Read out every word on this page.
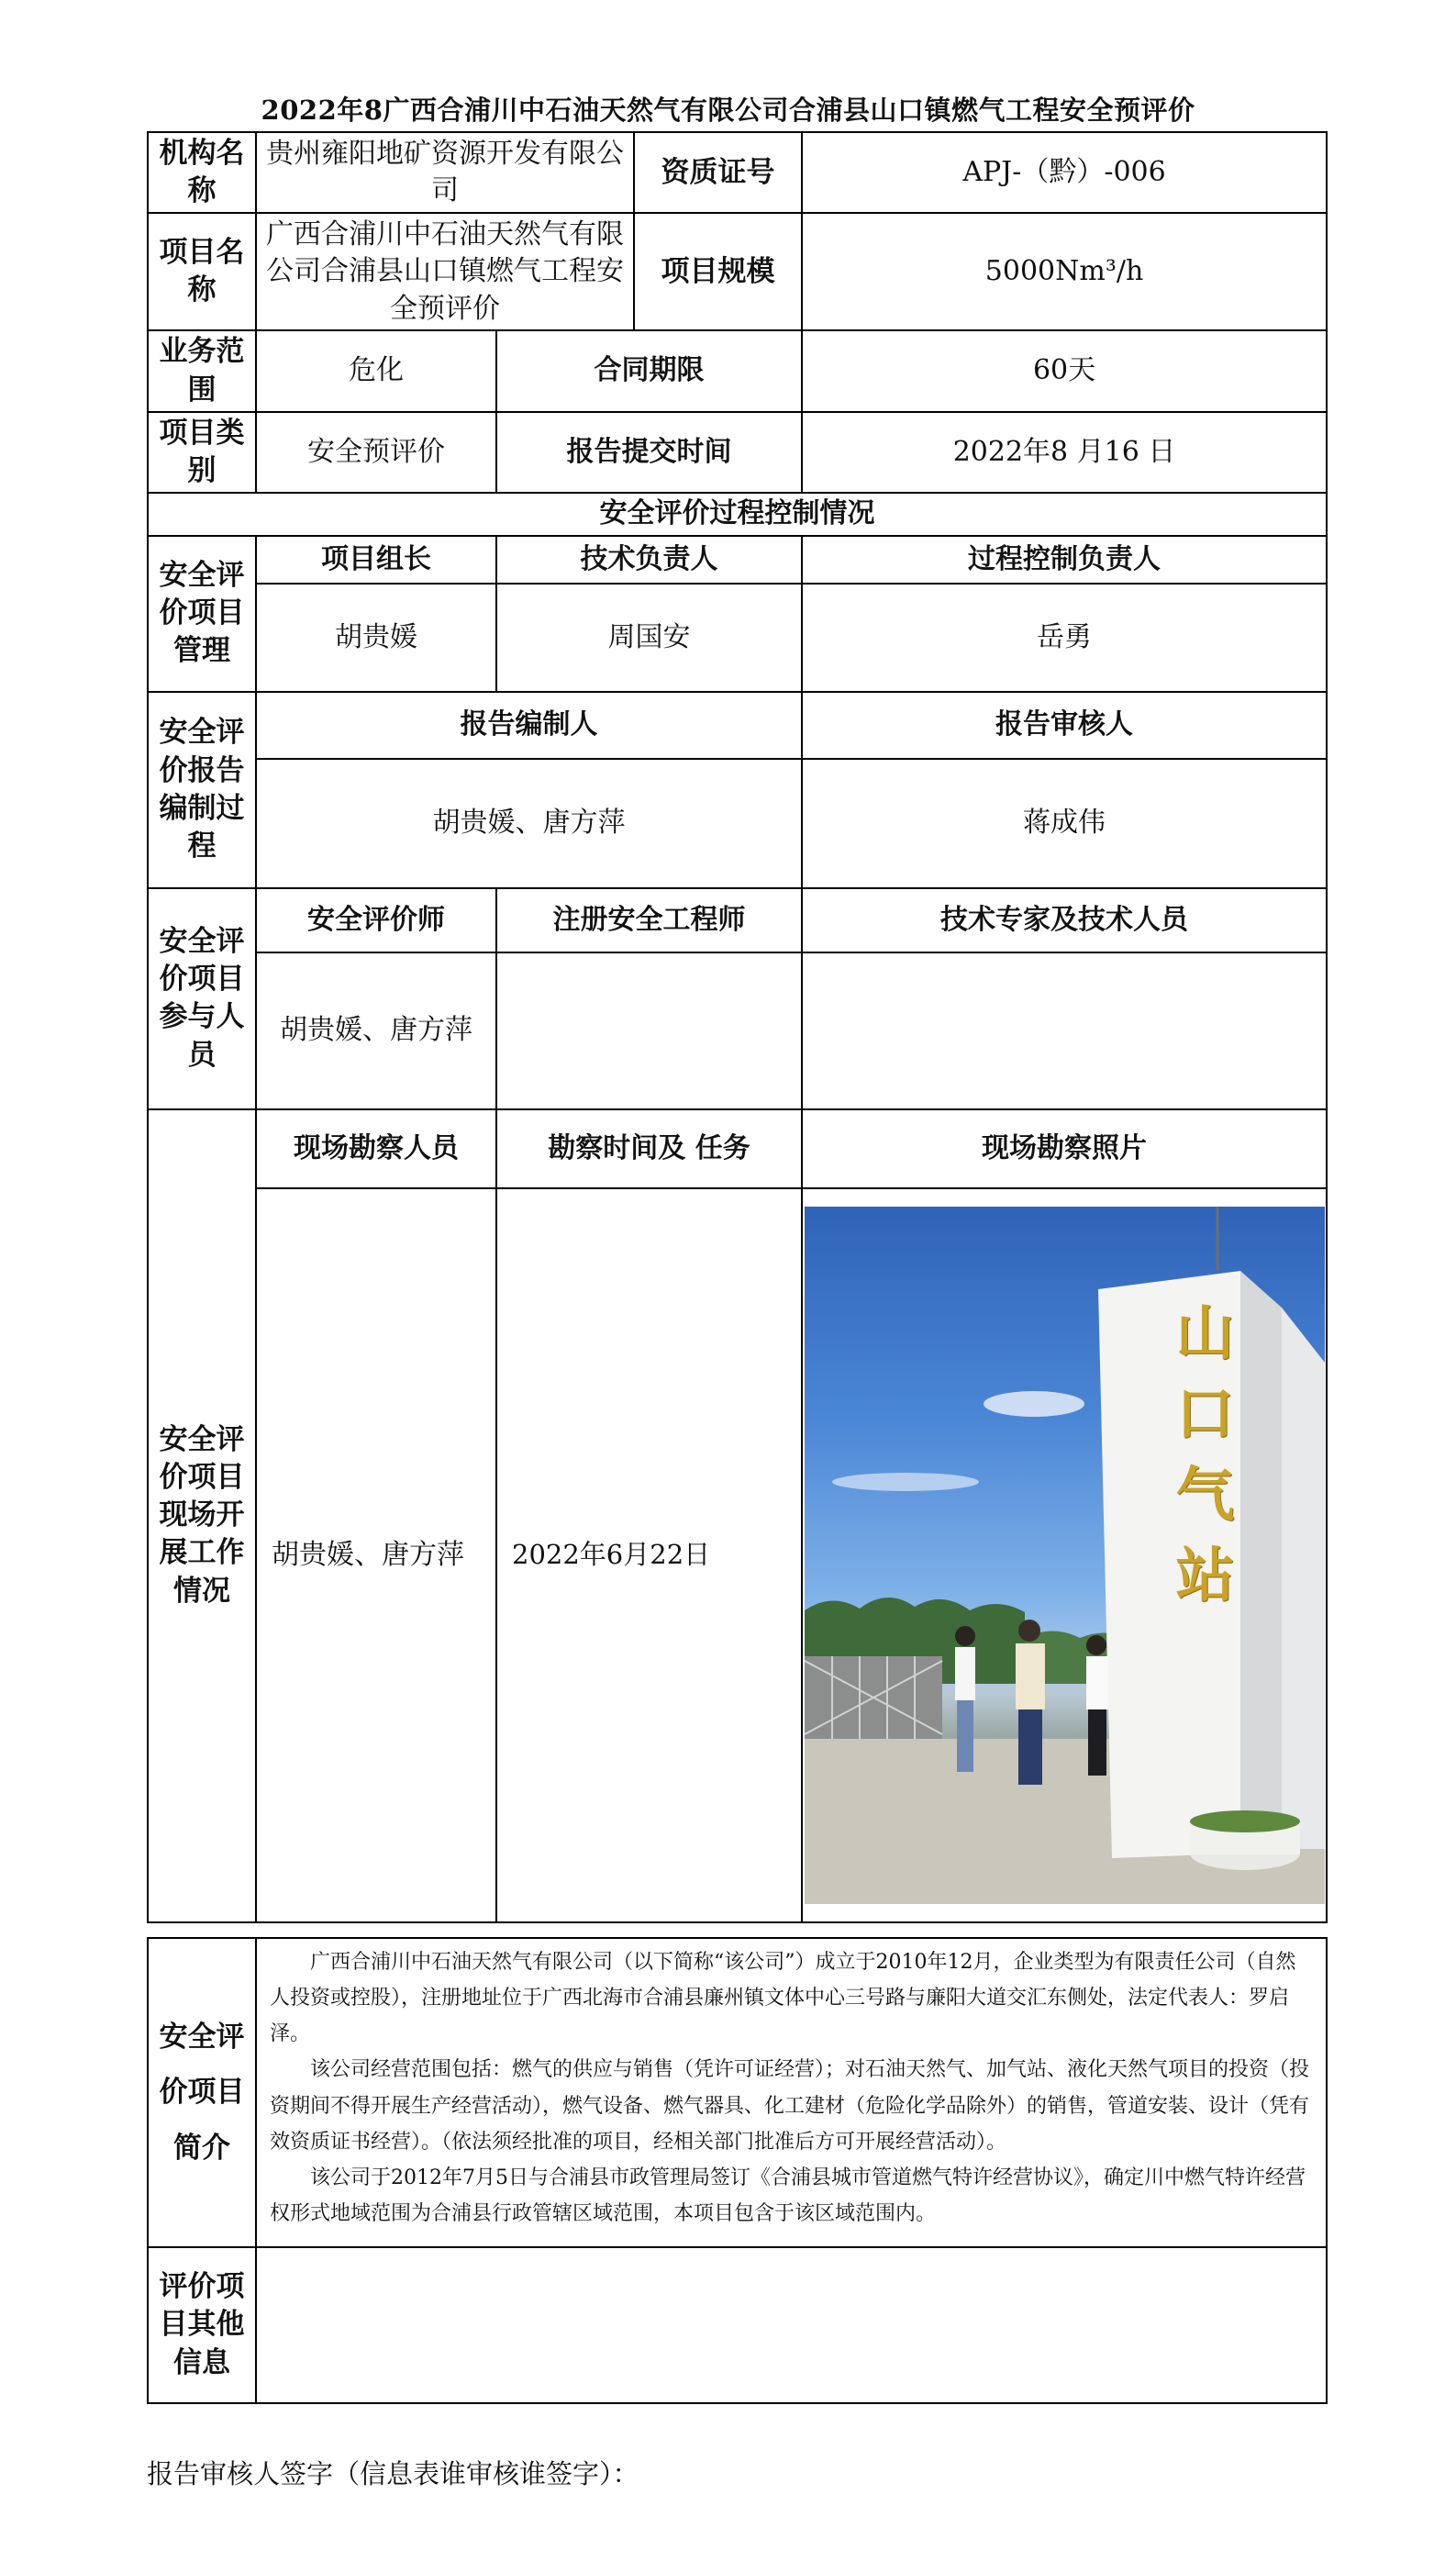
2022年8广西合浦川中石油天然气有限公司合浦县山口镇燃气工程安全预评价
机构名称	贵州雍阳地矿资源开发有限公司		资质证号	APJ-（黔）-006
项目名称	广西合浦川中石油天然气有限公司合浦县山口镇燃气工程安全预评价		项目规模	5000Nm³/h
业务范围	危化	合同期限		60天
项目类别	安全预评价	报告提交时间		2022年8 月16 日
安全评价过程控制情况				
安全评价项目管理	项目组长	技术负责人		过程控制负责人
	胡贵媛	周国安		岳勇
安全评价报告编制过程	报告编制人			报告审核人
	胡贵媛、唐方萍			蒋成伟
安全评价项目参与人员	安全评价师	注册安全工程师		技术专家及技术人员
	胡贵媛、唐方萍			
安全评价项目现场开展工作情况	现场勘察人员	勘察时间及 任务		现场勘察照片
	胡贵媛、唐方萍	2022年6月22日		山口气站
安全评价项目简介	广西合浦川中石油天然气有限公司（以下简称“该公司”）成立于2010年12月，企业类型为有限责任公司（自然人投资或控股），注册地址位于广西北海市合浦县廉州镇文体中心三号路与廉阳大道交汇东侧处，法定代表人：罗启泽。

该公司经营范围包括：燃气的供应与销售（凭许可证经营）；对石油天然气、加气站、液化天然气项目的投资（投资期间不得开展生产经营活动），燃气设备、燃气器具、化工建材（危险化学品除外）的销售，管道安装、设计（凭有效资质证书经营）。（依法须经批准的项目，经相关部门批准后方可开展经营活动）。

该公司于2012年7月5日与合浦县市政管理局签订《合浦县城市管道燃气特许经营协议》，确定川中燃气特许经营权形式地域范围为合浦县行政管辖区域范围，本项目包含于该区域范围内。

评价项目其他信息	
报告审核人签字（信息表谁审核谁签字）：
